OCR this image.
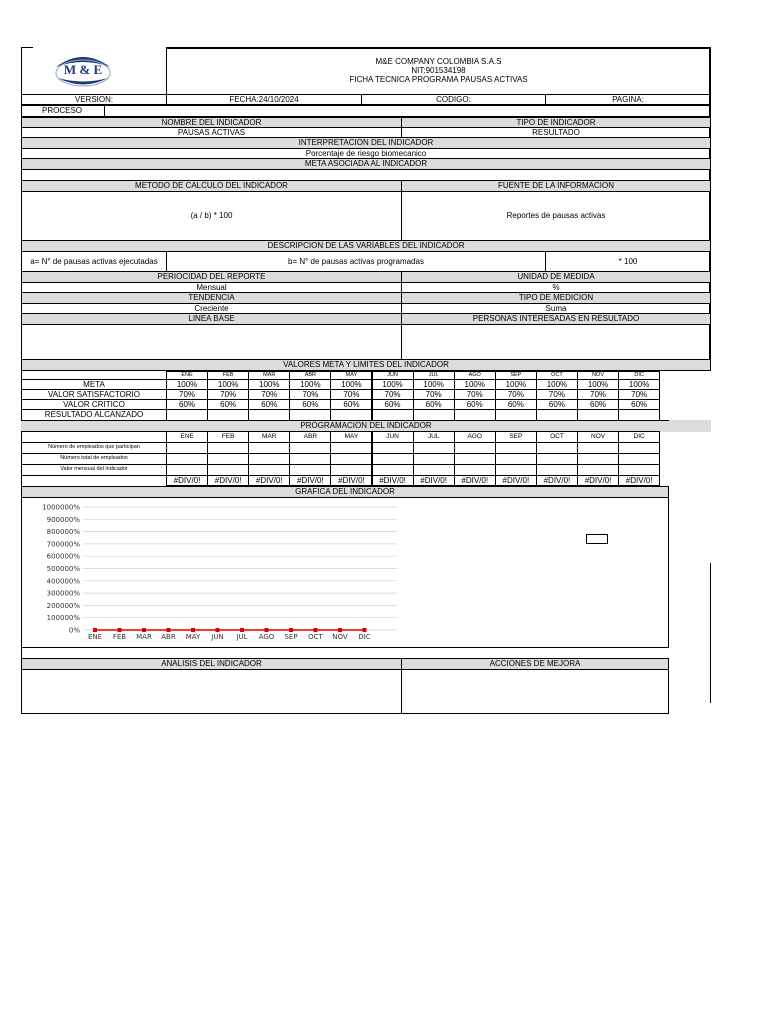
M & E
M&E COMPANY COLOMBIA S.A.S
NIT:901534198
FICHA TECNICA PROGRAMA PAUSAS ACTIVAS
VERSION:	FECHA:24/10/2024	CODIGO:	PAGINA:
PROCESO
NOMBRE DEL INDICADOR	TIPO DE INDICADOR
PAUSAS ACTIVAS	RESULTADO
INTERPRETACION DEL INDICADOR
Porcentaje de riesgo biomecanico
META ASOCIADA AL INDICADOR
METODO DE CALCULO DEL INDICADOR	FUENTE DE LA INFORMACION
(a / b) * 100	Reportes de pausas activas
DESCRIPCION DE LAS VARIABLES DEL INDICADOR
a= N° de pausas activas ejecutadas	b= N° de pausas activas programadas	* 100
PERIOCIDAD DEL REPORTE	UNIDAD DE MEDIDA
Mensual	%
TENDENCIA	TIPO DE MEDICION
Creciente	Suma
LINEA BASE	PERSONAS INTERESADAS EN RESULTADO
VALORES META Y LIMITES DEL INDICADOR
ENE	FEB	MAR	ABR	MAY	JUN	JUL	AGO	SEP	OCT	NOV	DIC
META	100%	100%	100%	100%	100%	100%	100%	100%	100%	100%	100%	100%
VALOR SATISFACTORIO	70%	70%	70%	70%	70%	70%	70%	70%	70%	70%	70%	70%
VALOR CRITICO	60%	60%	60%	60%	60%	60%	60%	60%	60%	60%	60%	60%
RESULTADO ALCANZADO
PROGRAMACION DEL INDICADOR
ENE	FEB	MAR	ABR	MAY	JUN	JUL	AGO	SEP	OCT	NOV	DIC
Número de empleados que participan
Número total de empleados
Valor mensual del indicador
#DIV/0!	#DIV/0!	#DIV/0!	#DIV/0!	#DIV/0!	#DIV/0!	#DIV/0!	#DIV/0!	#DIV/0!	#DIV/0!	#DIV/0!	#DIV/0!
GRAFICA DEL INDICADOR
0%
100000%
200000%
300000%
400000%
500000%
600000%
700000%
800000%
900000%
1000000%
ENE FEB MAR ABR MAY JUN JUL AGO SEP OCT NOV DIC
ANALISIS DEL INDICADOR	ACCIONES DE MEJORA
